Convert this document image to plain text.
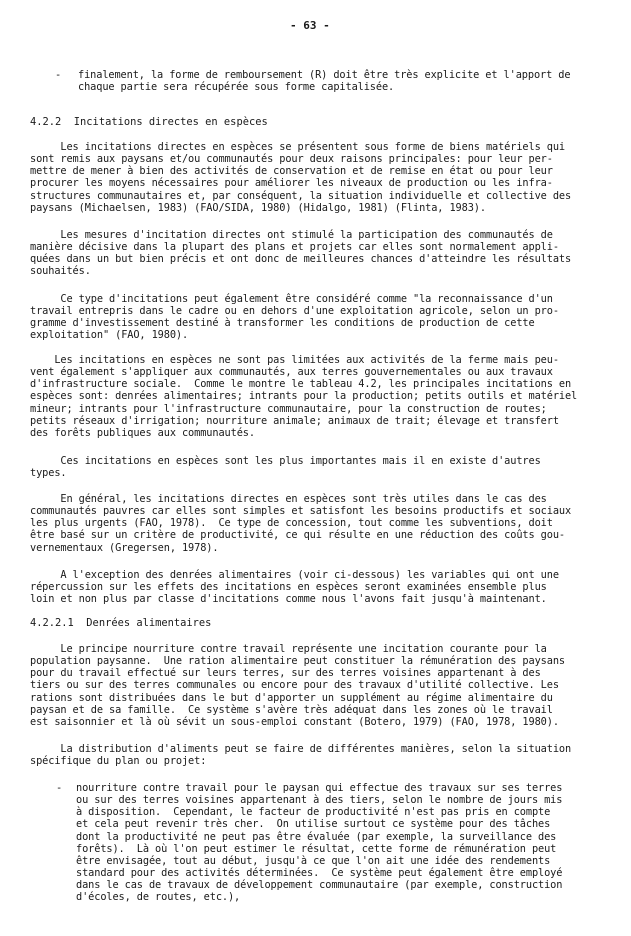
- 63 -
- finalement, la forme de remboursement (R) doit être très explicite et l'apport de
chaque partie sera récupérée sous forme capitalisée.
4.2.2  Incitations directes en espèces
Les incitations directes en espèces se présentent sous forme de biens matériels qui
sont remis aux paysans et/ou communautés pour deux raisons principales: pour leur per-
mettre de mener à bien des activités de conservation et de remise en état ou pour leur
procurer les moyens nécessaires pour améliorer les niveaux de production ou les infra-
structures communautaires et, par conséquent, la situation individuelle et collective des
paysans (Michaelsen, 1983) (FAO/SIDA, 1980) (Hidalgo, 1981) (Flinta, 1983).
Les mesures d'incitation directes ont stimulé la participation des communautés de
manière décisive dans la plupart des plans et projets car elles sont normalement appli-
quées dans un but bien précis et ont donc de meilleures chances d'atteindre les résultats
souhaités.
Ce type d'incitations peut également être considéré comme "la reconnaissance d'un
travail entrepris dans le cadre ou en dehors d'une exploitation agricole, selon un pro-
gramme d'investissement destiné à transformer les conditions de production de cette
exploitation" (FAO, 1980).
Les incitations en espèces ne sont pas limitées aux activités de la ferme mais peu-
vent également s'appliquer aux communautés, aux terres gouvernementales ou aux travaux
d'infrastructure sociale.  Comme le montre le tableau 4.2, les principales incitations en
espèces sont: denrées alimentaires; intrants pour la production; petits outils et matériel
mineur; intrants pour l'infrastructure communautaire, pour la construction de routes;
petits réseaux d'irrigation; nourriture animale; animaux de trait; élevage et transfert
des forêts publiques aux communautés.
Ces incitations en espèces sont les plus importantes mais il en existe d'autres
types.
En général, les incitations directes en espèces sont très utiles dans le cas des
communautés pauvres car elles sont simples et satisfont les besoins productifs et sociaux
les plus urgents (FAO, 1978).  Ce type de concession, tout comme les subventions, doit
être basé sur un critère de productivité, ce qui résulte en une réduction des coûts gou-
vernementaux (Gregersen, 1978).
A l'exception des denrées alimentaires (voir ci-dessous) les variables qui ont une
répercussion sur les effets des incitations en espèces seront examinées ensemble plus
loin et non plus par classe d'incitations comme nous l'avons fait jusqu'à maintenant.
4.2.2.1  Denrées alimentaires
Le principe nourriture contre travail représente une incitation courante pour la
population paysanne.  Une ration alimentaire peut constituer la rémunération des paysans
pour du travail effectué sur leurs terres, sur des terres voisines appartenant à des
tiers ou sur des terres communales ou encore pour des travaux d'utilité collective. Les
rations sont distribuées dans le but d'apporter un supplément au régime alimentaire du
paysan et de sa famille.  Ce système s'avère très adéquat dans les zones où le travail
est saisonnier et là où sévit un sous-emploi constant (Botero, 1979) (FAO, 1978, 1980).
La distribution d'aliments peut se faire de différentes manières, selon la situation
spécifique du plan ou projet:
- nourriture contre travail pour le paysan qui effectue des travaux sur ses terres
ou sur des terres voisines appartenant à des tiers, selon le nombre de jours mis
à disposition.  Cependant, le facteur de productivité n'est pas pris en compte
et cela peut revenir très cher.  On utilise surtout ce système pour des tâches
dont la productivité ne peut pas être évaluée (par exemple, la surveillance des
forêts).  Là où l'on peut estimer le résultat, cette forme de rémunération peut
être envisagée, tout au début, jusqu'à ce que l'on ait une idée des rendements
standard pour des activités déterminées.  Ce système peut également être employé
dans le cas de travaux de développement communautaire (par exemple, construction
d'écoles, de routes, etc.),
